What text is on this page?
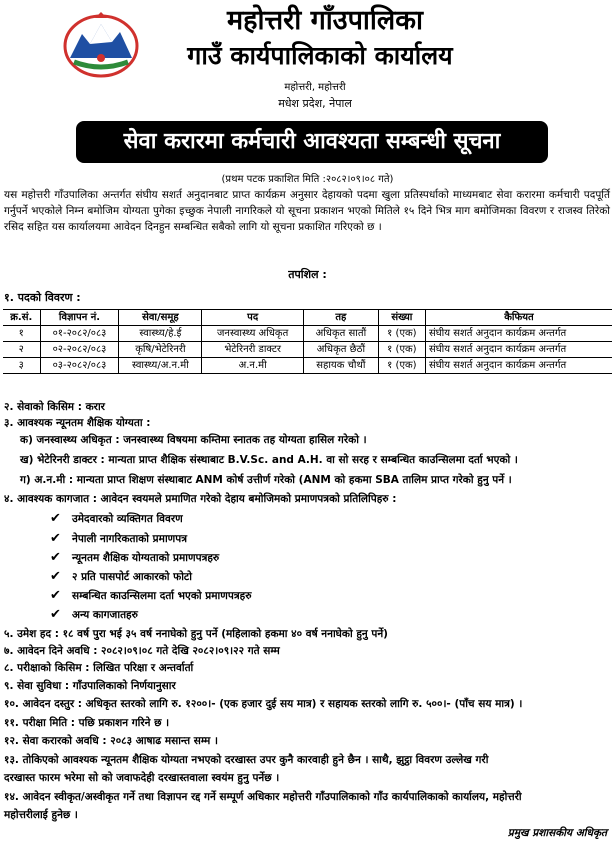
महोत्तरी गाँउपालिका
गाउँ कार्यपालिकाको कार्यालय
महोत्तरी, महोत्तरी
मधेश प्रदेश, नेपाल
सेवा करारमा कर्मचारी आवश्यता सम्बन्धी सूचना
(प्रथम पटक प्रकाशित मिति :२०८२।०९।०८ गते)
यस महोत्तरी गाँउपालिका अन्तर्गत संघीय सशर्त अनुदानबाट प्राप्त कार्यक्रम अनुसार देहायको पदमा खुला प्रतिस्पर्धाको माध्यमबाट सेवा करारमा कर्मचारी पदपूर्ति गर्नुपर्ने भएकोले निम्न बमोजिम योग्यता पुगेका इच्छुक नेपाली नागरिकले यो सूचना प्रकाशन भएको मितिले १५ दिने भित्र माग बमोजिमका विवरण र राजस्व तिरेको रसिद सहित यस कार्यालयमा आवेदन दिनहुन सम्बन्धित सबैको लागि यो सूचना प्रकाशित गरिएको छ ।
तपशिल :
१. पदको विवरण :
क्र.सं.	विज्ञापन नं.	सेवा/समूह	पद	तह	संख्या	कैफियत
१	०१-२०८२/०८३	स्वास्थ्य/हे.ई	जनस्वास्थ्य अधिकृत	अधिकृत सातौं	१ (एक)	संघीय सशर्त अनुदान कार्यक्रम अन्तर्गत
२	०२-२०८२/०८३	कृषि/भेटेरिनरी	भेटेरिनरी डाक्टर	अधिकृत छैठौं	१ (एक)	संघीय सशर्त अनुदान कार्यक्रम अन्तर्गत
३	०३-२०८२/०८३	स्वास्थ्य/अ.न.मी	अ.न.मी	सहायक चौथौं	१ (एक)	संघीय सशर्त अनुदान कार्यक्रम अन्तर्गत
२. सेवाको किसिम : करार
३. आवश्यक न्यूनतम शैक्षिक योग्यता :
क) जनस्वास्थ्य अधिकृत : जनस्वास्थ्य विषयमा कम्तिमा स्नातक तह योग्यता हासिल गरेको ।
ख) भेटेरिनरी डाक्टर : मान्यता प्राप्त शैक्षिक संस्थाबाट B.V.Sc. and A.H. वा सो सरह र सम्बन्धित काउन्सिलमा दर्ता भएको ।
ग) अ.न.मी : मान्यता प्राप्त शिक्षण संस्थाबाट ANM कोर्ष उत्तीर्ण गरेको (ANM को हकमा SBA तालिम प्राप्त गरेको हुनु पर्ने ।
४. आवश्यक कागजात : आवेदन स्वयमले प्रमाणित गरेको देहाय बमोजिमको प्रमाणपत्रको प्रतिलिपिहरु :
✔ उमेदवारको व्यक्तिगत विवरण
✔ नेपाली नागरिकताको प्रमाणपत्र
✔ न्यूनतम शैक्षिक योग्यताको प्रमाणपत्रहरु
✔ २ प्रति पासपोर्ट आकारको फोटो
✔ सम्बन्धित काउन्सिलमा दर्ता भएको प्रमाणपत्रहरु
✔ अन्य कागजातहरु
५. उमेश हद : १८ वर्ष पुरा भई ३५ वर्ष ननाघेको हुनु पर्ने (महिलाको हकमा ४० वर्ष ननाघेको हुनु पर्ने)
७. आवेदन दिने अवधि : २०८२।०९।०८ गते देखि २०८२।०९।२२ गते सम्म
८. परीक्षाको किसिम : लिखित परिक्षा र अन्तर्वार्ता
९. सेवा सुविधा : गाँउपालिकाको निर्णयानुसार
१०. आवेदन दस्तुर : अधिकृत स्तरको लागि रु. १२००।- (एक हजार दुई सय मात्र) र सहायक स्तरको लागि रु. ५००।- (पाँच सय मात्र) ।
११. परीक्षा मिति : पछि प्रकाशन गरिने छ ।
१२. सेवा करारको अवधि : २०८३ आषाढ मसान्त सम्म ।
१३. तोकिएको आवश्यक न्यूनतम शैक्षिक योग्यता नभएको दरखास्त उपर कुनै कारवाही हुने छैन । साथै, झुट्ठा विवरण उल्लेख गरी
दरखास्त फारम भरेमा सो को जवाफदेही दरखास्तवाला स्वयंम हुनु पर्नेछ ।
१४. आवेदन स्वीकृत/अस्वीकृत गर्ने तथा विज्ञापन रद्द गर्ने सम्पूर्ण अधिकार महोत्तरी गाँउपालिकाको गाँउ कार्यपालिकाको कार्यालय, महोत्तरी
महोत्तरीलाई हुनेछ ।
प्रमुख प्रशासकीय अधिकृत
